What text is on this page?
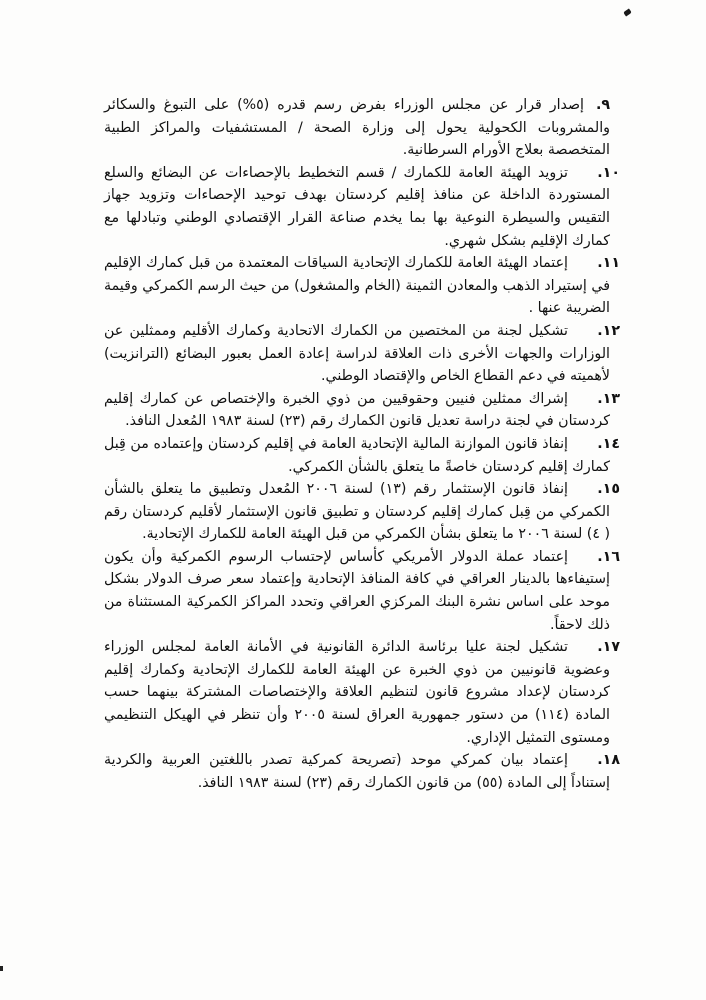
٩. إصدار قرار عن مجلس الوزراء بفرض رسم قدره (٥%) على التبوغ والسكائر والمشروبات الكحولية يحول إلى وزارة الصحة / المستشفيات والمراكز الطبية المتخصصة بعلاج الأورام السرطانية.

١٠.تزويد الهيئة العامة للكمارك / قسم التخطيط بالإحصاءات عن البضائع والسلع المستوردة الداخلة عن منافذ إقليم كردستان بهدف توحيد الإحصاءات وتزويد جهاز التقيس والسيطرة النوعية بها بما يخدم صناعة القرار الإقتصادي الوطني وتبادلها مع كمارك الإقليم بشكل شهري.

١١.إعتماد الهيئة العامة للكمارك الإتحادية السياقات المعتمدة من قبل كمارك الإقليم في إستيراد الذهب والمعادن الثمينة (الخام والمشغول) من حيث الرسم الكمركي وقيمة الضريبة عنها .

١٢.تشكيل لجنة من المختصين من الكمارك الاتحادية وكمارك الأقليم وممثلين عن الوزارات والجهات الأخرى ذات العلاقة لدراسة إعادة العمل بعبور البضائع (الترانزيت) لأهميته في دعم القطاع الخاص والإقتصاد الوطني.

١٣.إشراك ممثلين فنيين وحقوقيين من ذوي الخبرة والإختصاص عن كمارك إقليم كردستان في لجنة دراسة تعديل قانون الكمارك رقم (٢٣) لسنة ١٩٨٣ المُعدل النافذ.

١٤.إنفاذ قانون الموازنة المالية الإتحادية العامة في إقليم كردستان وإعتماده من قِبل كمارك إقليم كردستان خاصةً ما يتعلق بالشأن الكمركي.

١٥.إنفاذ قانون الإستثمار رقم (١٣) لسنة ٢٠٠٦ المُعدل وتطبيق ما يتعلق بالشأن الكمركي من قِبل كمارك إقليم كردستان و تطبيق قانون الإستثمار لأقليم كردستان رقم ( ٤) لسنة ٢٠٠٦ ما يتعلق بشأن الكمركي من قبل الهيئة العامة للكمارك الإتحادية.

١٦.إعتماد عملة الدولار الأمريكي كأساس لإحتساب الرسوم الكمركية وأن يكون إستيفاءها بالدينار العراقي في كافة المنافذ الإتحادية وإعتماد سعر صرف الدولار بشكل موحد على اساس نشرة البنك المركزي العراقي وتحدد المراكز الكمركية المستثناة من ذلك لاحقاً.

١٧.تشكيل لجنة عليا برئاسة الدائرة القانونية في الأمانة العامة لمجلس الوزراء وعضوية قانونيين من ذوي الخبرة عن الهيئة العامة للكمارك الإتحادية وكمارك إقليم كردستان لإعداد مشروع قانون لتنظيم العلاقة والإختصاصات المشتركة بينهما حسب المادة (١١٤) من دستور جمهورية العراق لسنة ٢٠٠٥ وأن تنظر في الهيكل التنظيمي ومستوى التمثيل الإداري.

١٨.إعتماد بيان كمركي موحد (تصريحة كمركية تصدر باللغتين العربية والكردية إستناداً إلى المادة (٥٥) من قانون الكمارك رقم (٢٣) لسنة ١٩٨٣ النافذ.
